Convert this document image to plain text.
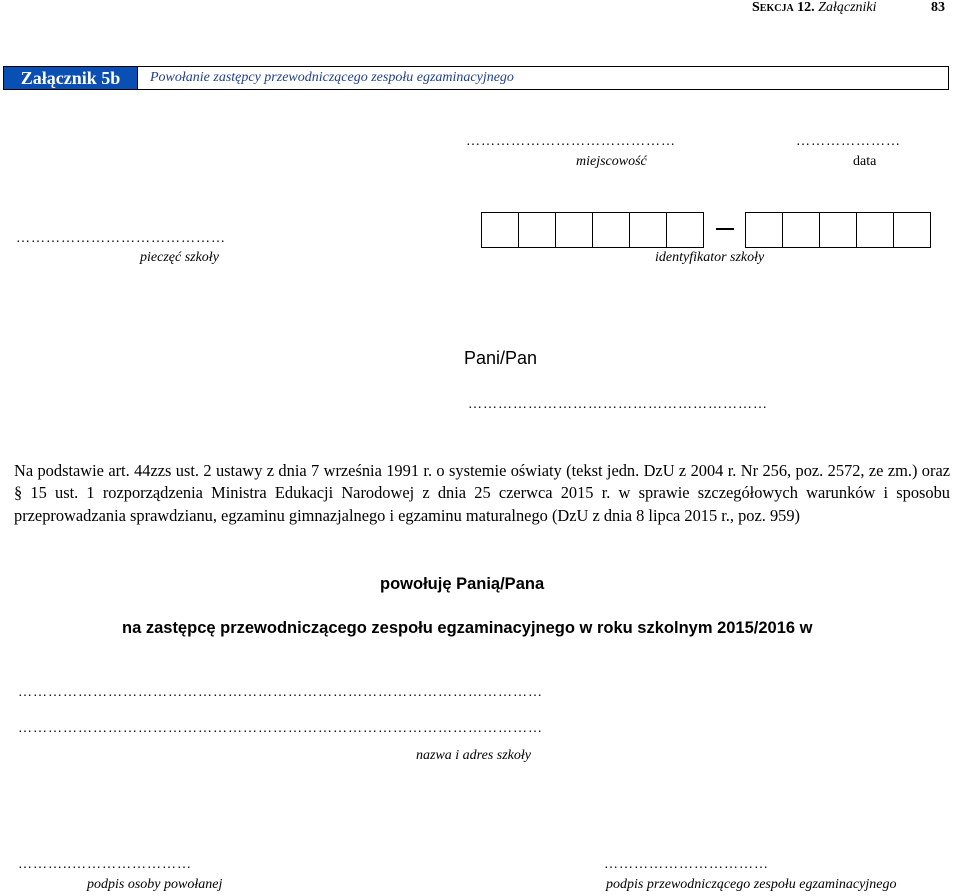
Sekcja 12. Załączniki	83
Załącznik 5b	Powołanie zastępcy przewodniczącego zespołu egzaminacyjnego
……………………………………	…………………
miejscowość	data
……………………………………
pieczęć szkoły	identyfikator szkoły
Pani/Pan
……………………………………………………
Na podstawie art. 44zzs ust. 2 ustawy z dnia 7 września 1991 r. o systemie oświaty (tekst jedn. DzU z 2004 r. Nr 256, poz. 2572, ze zm.) oraz § 15 ust. 1 rozporządzenia Ministra Edukacji Narodowej z dnia 25 czerwca 2015 r. w sprawie szczegółowych warunków i sposobu przeprowadzania sprawdzianu, egzaminu gimnazjalnego i egzaminu maturalnego (DzU z dnia 8 lipca 2015 r., poz. 959)
powołuję Panią/Pana
na zastępcę przewodniczącego zespołu egzaminacyjnego w roku szkolnym 2015/2016 w
……………………………………………………………………………………………
……………………………………………………………………………………………
nazwa i adres szkoły
………..……………………	……………………………
podpis osoby powołanej	podpis przewodniczącego zespołu egzaminacyjnego
